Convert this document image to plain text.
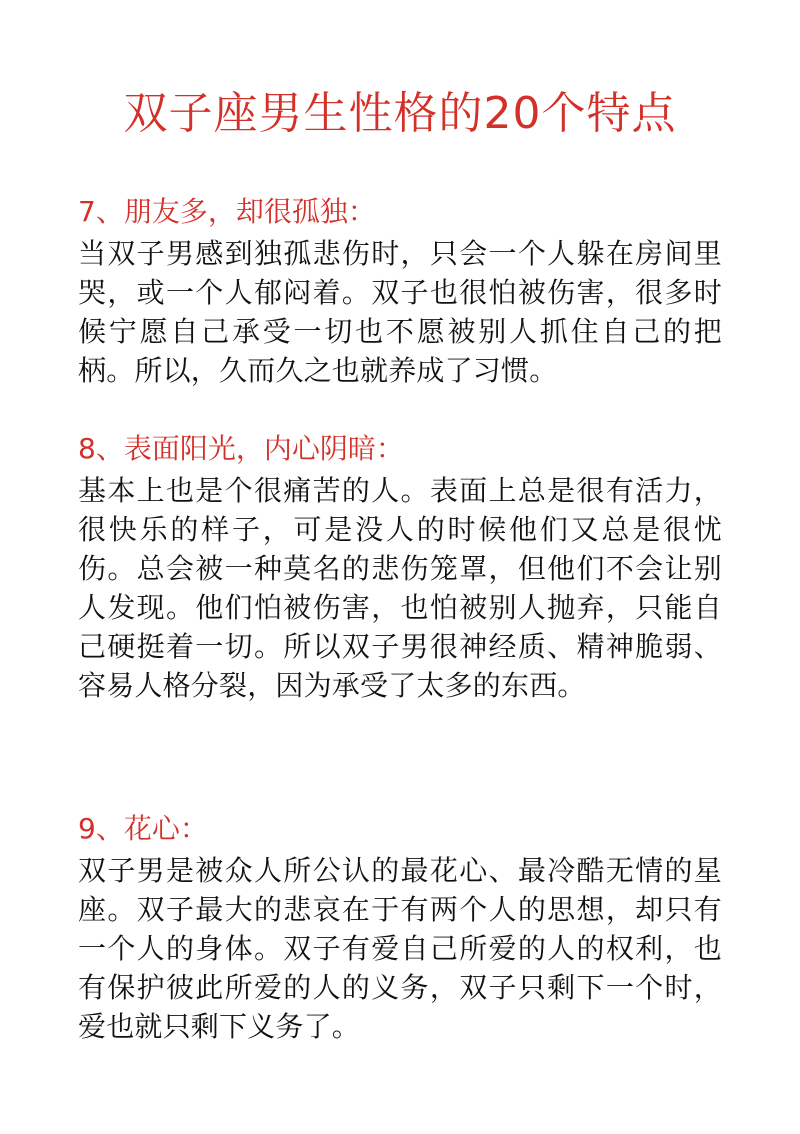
双子座男生性格的20个特点
7、朋友多，却很孤独：

当双子男感到独孤悲伤时，只会一个人躲在房间里哭，或一个人郁闷着。双子也很怕被伤害，很多时候宁愿自己承受一切也不愿被别人抓住自己的把柄。所以，久而久之也就养成了习惯。

8、表面阳光，内心阴暗：

基本上也是个很痛苦的人。表面上总是很有活力，很快乐的样子，可是没人的时候他们又总是很忧伤。总会被一种莫名的悲伤笼罩，但他们不会让别人发现。他们怕被伤害，也怕被别人抛弃，只能自己硬挺着一切。所以双子男很神经质、精神脆弱、容易人格分裂，因为承受了太多的东西。

9、花心：

双子男是被众人所公认的最花心、最冷酷无情的星座。双子最大的悲哀在于有两个人的思想，却只有一个人的身体。双子有爱自己所爱的人的权利，也有保护彼此所爱的人的义务，双子只剩下一个时，爱也就只剩下义务了。
